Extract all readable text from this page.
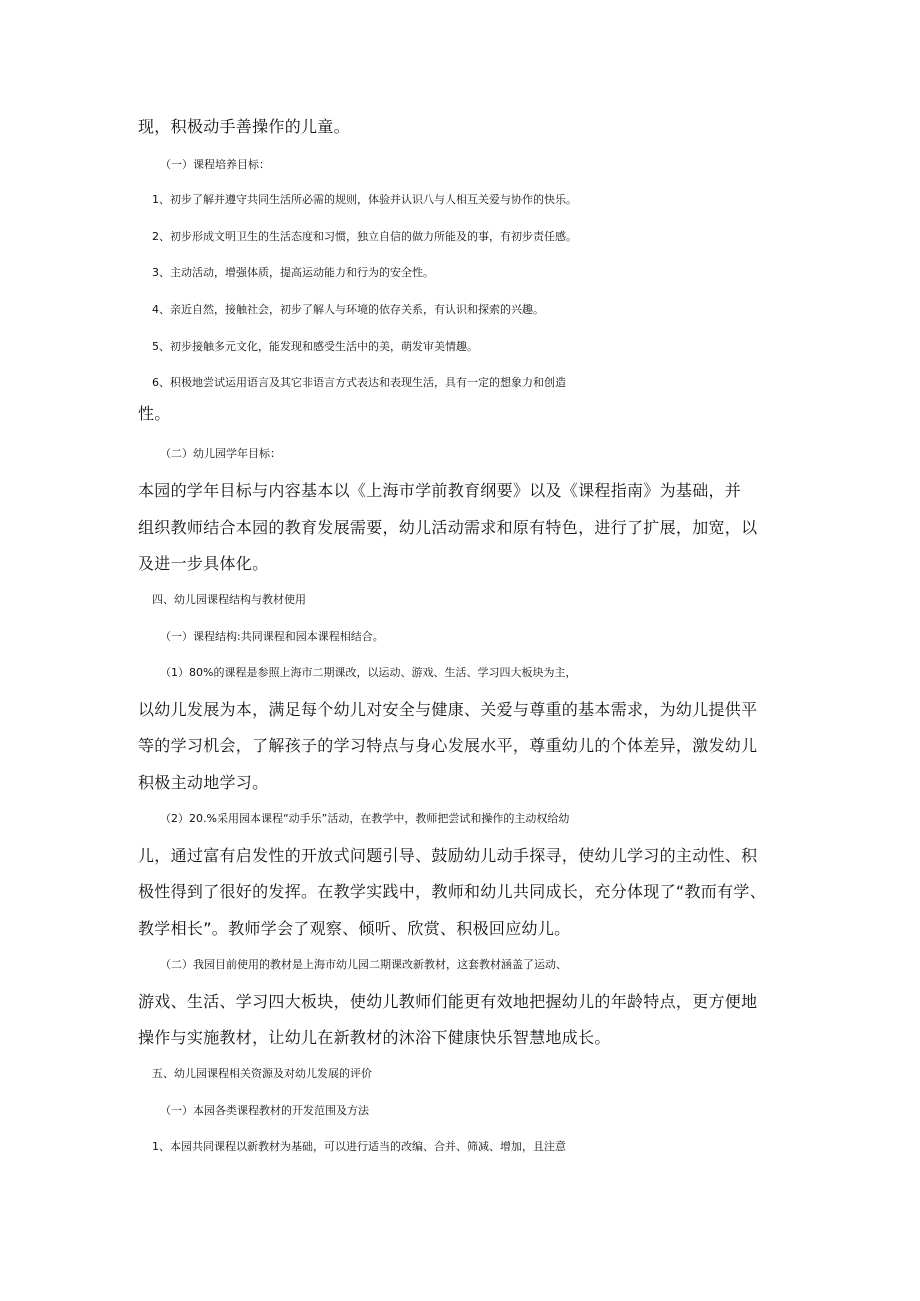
现，积极动手善操作的儿童。
（一）课程培养目标：
1、初步了解并遵守共同生活所必需的规则，体验并认识八与人相互关爱与协作的快乐。
2、初步形成文明卫生的生活态度和习惯，独立自信的做力所能及的事，有初步责任感。
3、主动活动，增强体质，提高运动能力和行为的安全性。
4、亲近自然，接触社会，初步了解人与环境的依存关系，有认识和探索的兴趣。
5、初步接触多元文化，能发现和感受生活中的美，萌发审美情趣。
6、积极地尝试运用语言及其它非语言方式表达和表现生活，具有一定的想象力和创造
性。
（二）幼儿园学年目标：
本园的学年目标与内容基本以《上海市学前教育纲要》以及《课程指南》为基础，并
组织教师结合本园的教育发展需要，幼儿活动需求和原有特色，进行了扩展，加宽，以
及进一步具体化。
四、幼儿园课程结构与教材使用
（一）课程结构:共同课程和园本课程相结合。
（1）80%的课程是参照上海市二期课改，以运动、游戏、生活、学习四大板块为主，
以幼儿发展为本，满足每个幼儿对安全与健康、关爱与尊重的基本需求，为幼儿提供平
等的学习机会，了解孩子的学习特点与身心发展水平，尊重幼儿的个体差异，激发幼儿
积极主动地学习。
（2）20.%采用园本课程“动手乐”活动，在教学中，教师把尝试和操作的主动权给幼
儿，通过富有启发性的开放式问题引导、鼓励幼儿动手探寻，使幼儿学习的主动性、积
极性得到了很好的发挥。在教学实践中，教师和幼儿共同成长，充分体现了“教而有学、
教学相长”。教师学会了观察、倾听、欣赏、积极回应幼儿。
（二）我园目前使用的教材是上海市幼儿园二期课改新教材，这套教材涵盖了运动、
游戏、生活、学习四大板块，使幼儿教师们能更有效地把握幼儿的年龄特点，更方便地
操作与实施教材，让幼儿在新教材的沐浴下健康快乐智慧地成长。
五、幼儿园课程相关资源及对幼儿发展的评价
（一）本园各类课程教材的开发范围及方法
1、本园共同课程以新教材为基础，可以进行适当的改编、合并、筛减、增加，且注意
